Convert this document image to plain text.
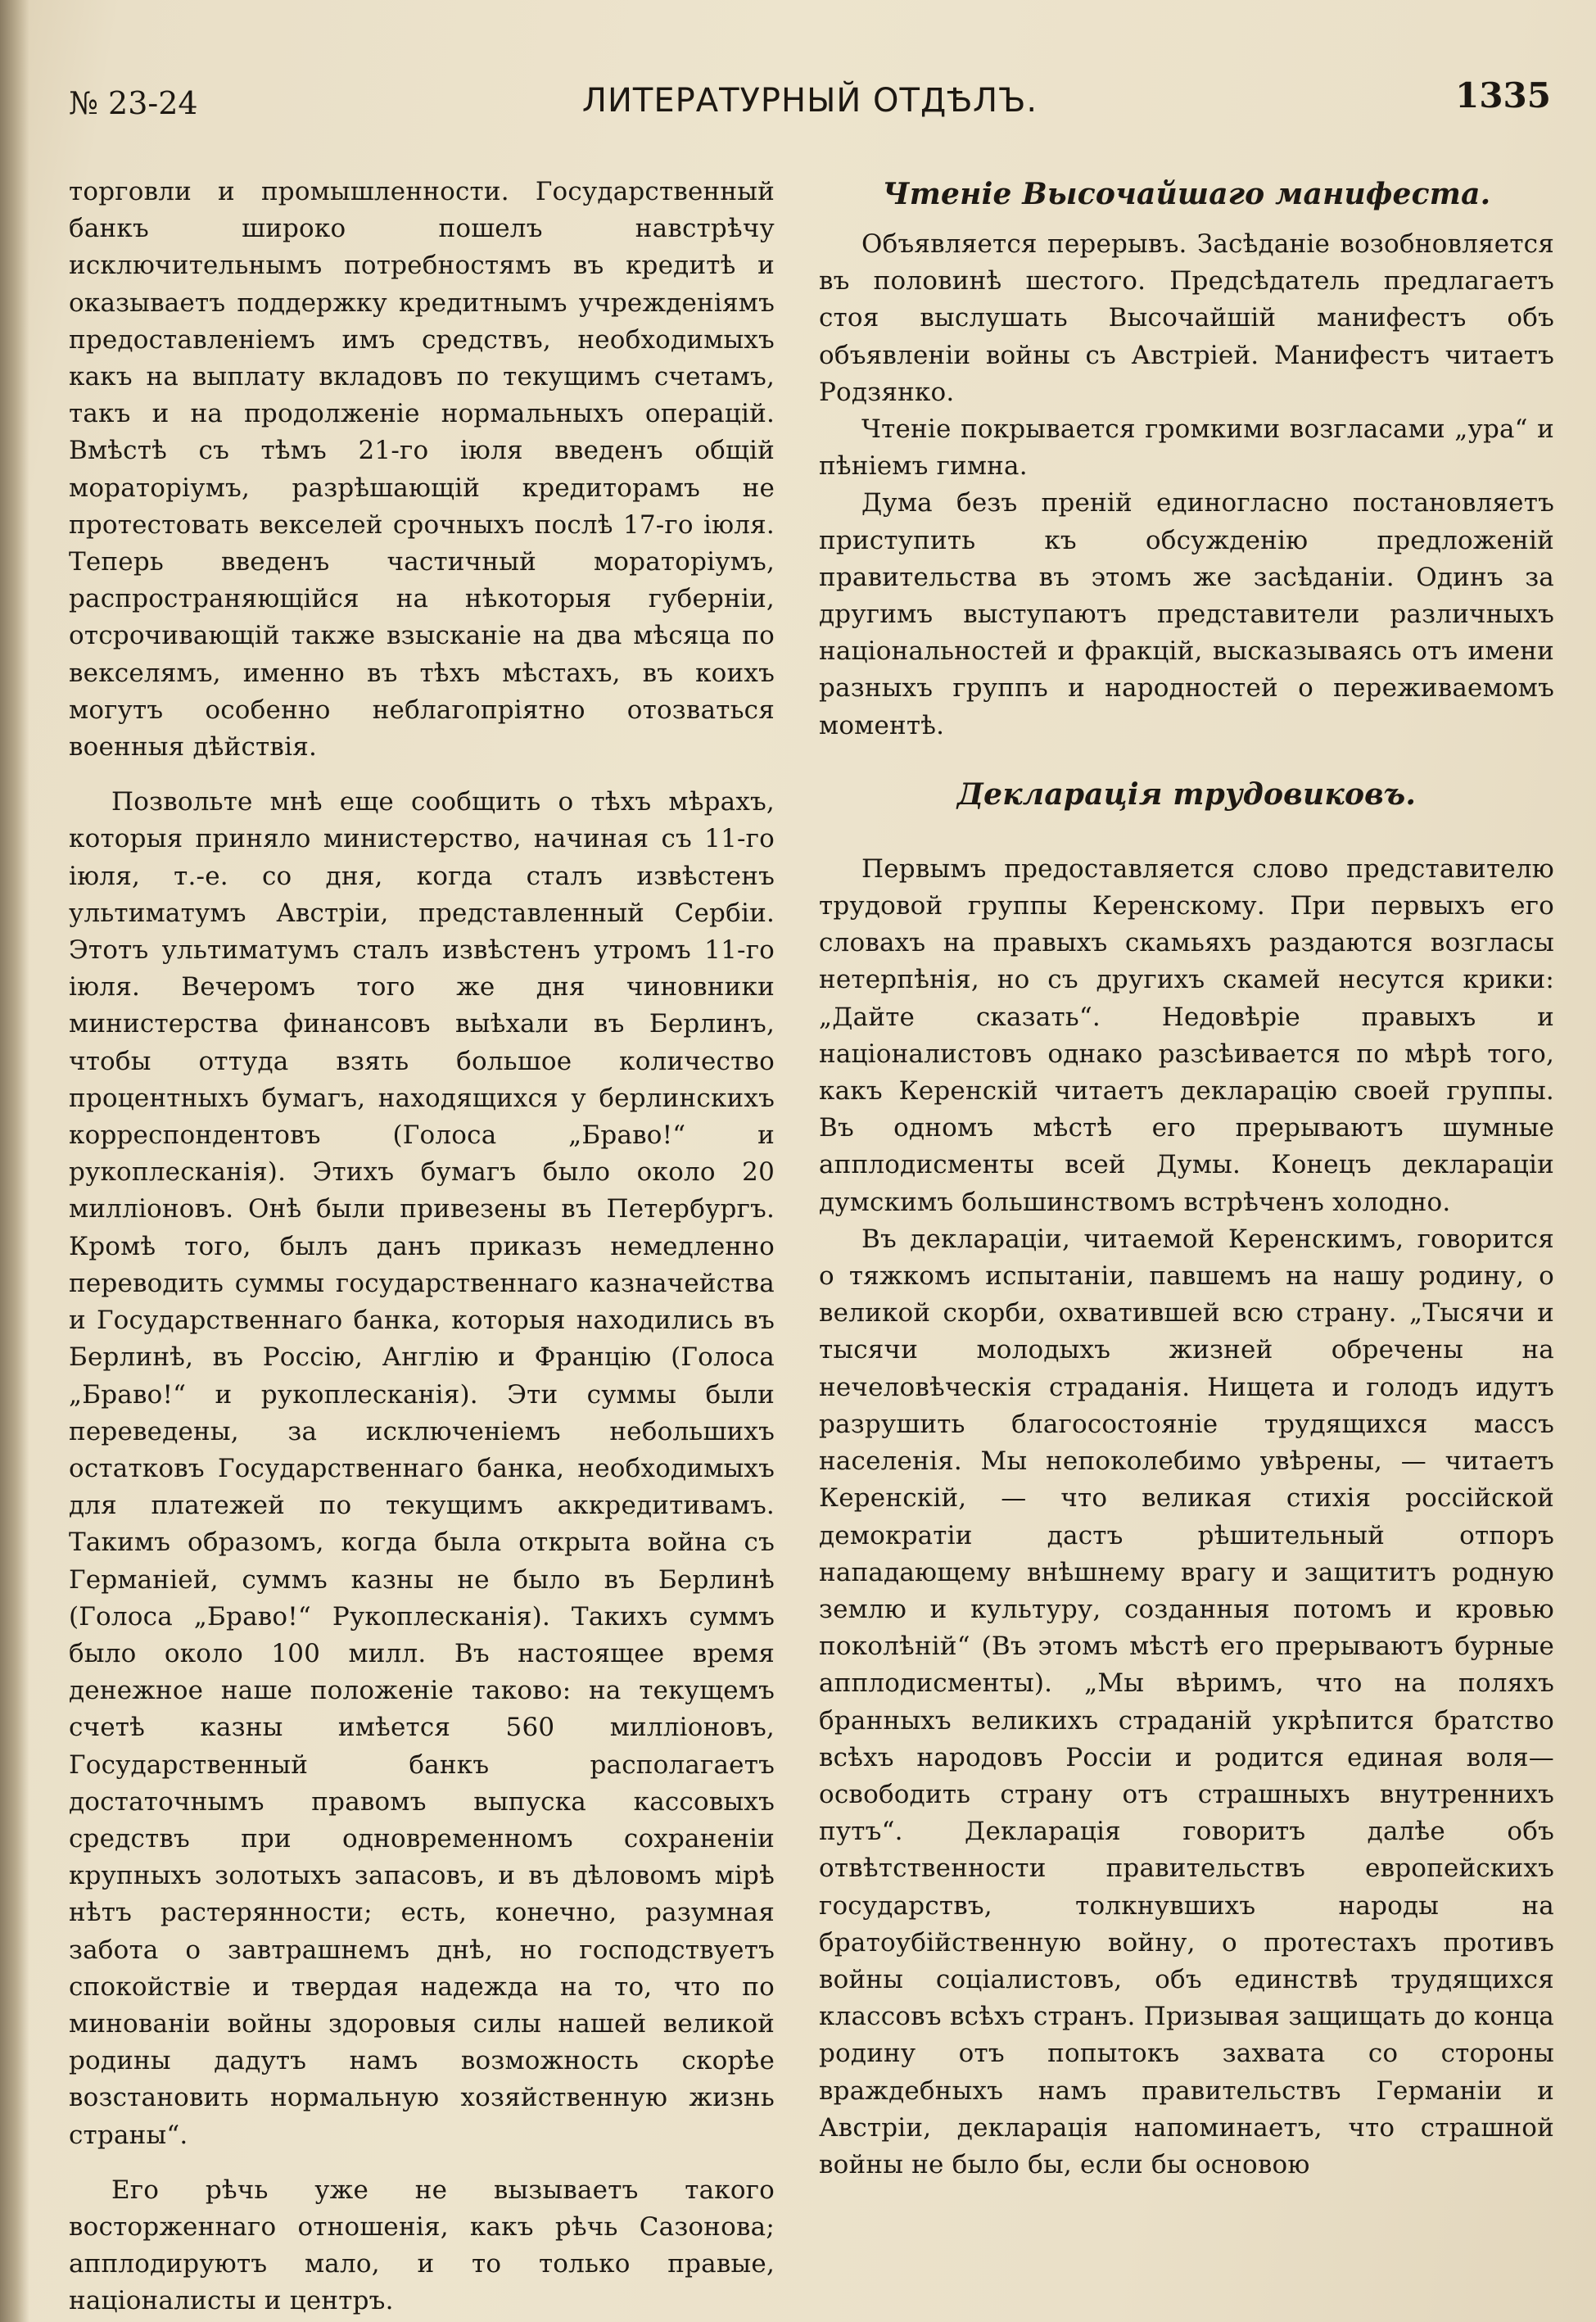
№ 23-24	ЛИТЕРАТУРНЫЙ ОТДѢЛЪ.	1335

торговли и промышленности. Государственный банкъ широко пошелъ навстрѣчу исключительнымъ потребностямъ въ кредитѣ и оказываетъ поддержку кредитнымъ учрежденіямъ предоставленіемъ имъ средствъ, необходимыхъ какъ на выплату вкладовъ по текущимъ счетамъ, такъ и на продолженіе нормальныхъ операцій. Вмѣстѣ съ тѣмъ 21-го іюля введенъ общій мораторіумъ, разрѣшающій кредиторамъ не протестовать векселей срочныхъ послѣ 17-го іюля. Теперь введенъ частичный мораторіумъ, распространяющійся на нѣкоторыя губерніи, отсрочивающій также взысканіе на два мѣсяца по векселямъ, именно въ тѣхъ мѣстахъ, въ коихъ могутъ особенно неблагопріятно отозваться военныя дѣйствія.

Позвольте мнѣ еще сообщить о тѣхъ мѣрахъ, которыя приняло министерство, начиная съ 11-го іюля, т.-е. со дня, когда сталъ извѣстенъ ультиматумъ Австріи, представленный Сербіи. Этотъ ультиматумъ сталъ извѣстенъ утромъ 11-го іюля. Вечеромъ того же дня чиновники министерства финансовъ выѣхали въ Берлинъ, чтобы оттуда взять большое количество процентныхъ бумагъ, находящихся у берлинскихъ корреспондентовъ (Голоса „Браво!“ и рукоплесканія). Этихъ бумагъ было около 20 милліоновъ. Онѣ были привезены въ Петербургъ. Кромѣ того, былъ данъ приказъ немедленно переводить суммы государственнаго казначейства и Государственнаго банка, которыя находились въ Берлинѣ, въ Россію, Англію и Францію (Голоса „Браво!“ и рукоплесканія). Эти суммы были переведены, за исключеніемъ небольшихъ остатковъ Государственнаго банка, необходимыхъ для платежей по текущимъ аккредитивамъ. Такимъ образомъ, когда была открыта война съ Германіей, суммъ казны не было въ Берлинѣ (Голоса „Браво!“ Рукоплесканія). Такихъ суммъ было около 100 милл. Въ настоящее время денежное наше положеніе таково: на текущемъ счетѣ казны имѣется 560 милліоновъ, Государственный банкъ располагаетъ достаточнымъ правомъ выпуска кассовыхъ средствъ при одновременномъ сохраненіи крупныхъ золотыхъ запасовъ, и въ дѣловомъ мірѣ нѣтъ растерянности; есть, конечно, разумная забота о завтрашнемъ днѣ, но господствуетъ спокойствіе и твердая надежда на то, что по минованіи войны здоровыя силы нашей великой родины дадутъ намъ возможность скорѣе возстановить нормальную хозяйственную жизнь страны“.

Его рѣчь уже не вызываетъ такого восторженнаго отношенія, какъ рѣчь Сазонова; апплодируютъ мало, и то только правые, націоналисты и центръ.

Чтеніе Высочайшаго манифеста.

Объявляется перерывъ. Засѣданіе возобновляется въ половинѣ шестого. Предсѣдатель предлагаетъ стоя выслушать Высочайшій манифестъ объ объявленіи войны съ Австріей. Манифестъ читаетъ Родзянко.

Чтеніе покрывается громкими возгласами „ура“ и пѣніемъ гимна.

Дума безъ преній единогласно постановляетъ приступить къ обсужденію предложеній правительства въ этомъ же засѣданіи. Одинъ за другимъ выступаютъ представители различныхъ національностей и фракцій, высказываясь отъ имени разныхъ группъ и народностей о переживаемомъ моментѣ.

Декларація трудовиковъ.

Первымъ предоставляется слово представителю трудовой группы Керенскому. При первыхъ его словахъ на правыхъ скамьяхъ раздаются возгласы нетерпѣнія, но съ другихъ скамей несутся крики: „Дайте сказать“. Недовѣріе правыхъ и націоналистовъ однако разсѣивается по мѣрѣ того, какъ Керенскій читаетъ декларацію своей группы. Въ одномъ мѣстѣ его прерываютъ шумные апплодисменты всей Думы. Конецъ декларацiи думскимъ большинствомъ встрѣченъ холодно.

Въ декларацiи, читаемой Керенскимъ, говорится о тяжкомъ испытаніи, павшемъ на нашу родину, о великой скорби, охватившей всю страну. „Тысячи и тысячи молодыхъ жизней обречены на нечеловѣческія страданія. Нищета и голодъ идутъ разрушить благосостояніе трудящихся массъ населенія. Мы непоколебимо увѣрены, — читаетъ Керенскій, — что великая стихія россійской демократіи дастъ рѣшительный отпоръ нападающему внѣшнему врагу и защититъ родную землю и культуру, созданныя потомъ и кровью поколѣній“ (Въ этомъ мѣстѣ его прерываютъ бурные апплодисменты). „Мы вѣримъ, что на поляхъ бранныхъ великихъ страданій укрѣпится братство всѣхъ народовъ Россіи и родится единая воля—освободить страну отъ страшныхъ внутреннихъ путъ“. Декларація говоритъ далѣе объ отвѣтственности правительствъ европейскихъ государствъ, толкнувшихъ народы на братоубійственную войну, о протестахъ противъ войны соціалистовъ, объ единствѣ трудящихся классовъ всѣхъ странъ. Призывая защищать до конца родину отъ попытокъ захвата со стороны враждебныхъ намъ правительствъ Германіи и Австріи, декларація напоминаетъ, что страшной войны не было бы, если бы основою
